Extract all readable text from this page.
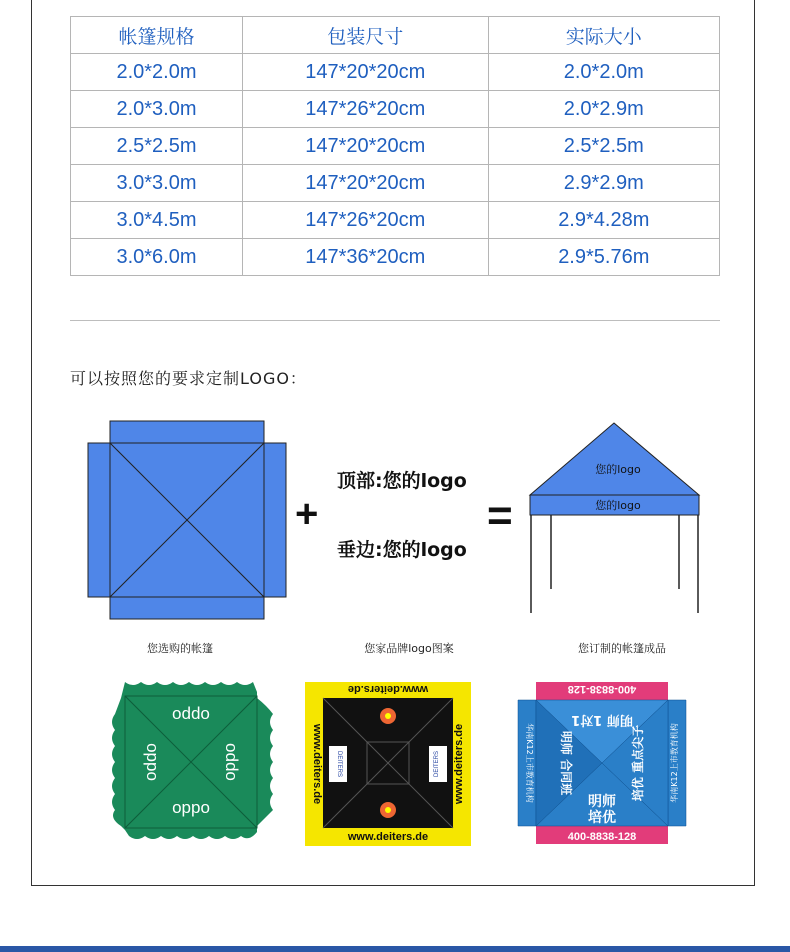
帐篷规格	包装尺寸	实际大小
2.0*2.0m	147*20*20cm	2.0*2.0m
2.0*3.0m	147*26*20cm	2.0*2.9m
2.5*2.5m	147*20*20cm	2.5*2.5m
3.0*3.0m	147*20*20cm	2.9*2.9m
3.0*4.5m	147*26*20cm	2.9*4.28m
3.0*6.0m	147*36*20cm	2.9*5.76m
可以按照您的要求定制LOGO：
+
顶部:您的logo
垂边:您的logo
=
您的logo
您的logo
您选购的帐篷	您家品牌logo图案	您订制的帐篷成品
oppo
oppo
oppo	oppo
www.deiters.de
www.deiters.de
www.deiters.de	www.deiters.de
DEITERS	DEITERS
400-8838-128
400-8838-128
华南K12上市教育机构	华南K12上市教育机构
明师 1对1
明师 合同班	培优 重点尖子
明师
培优
